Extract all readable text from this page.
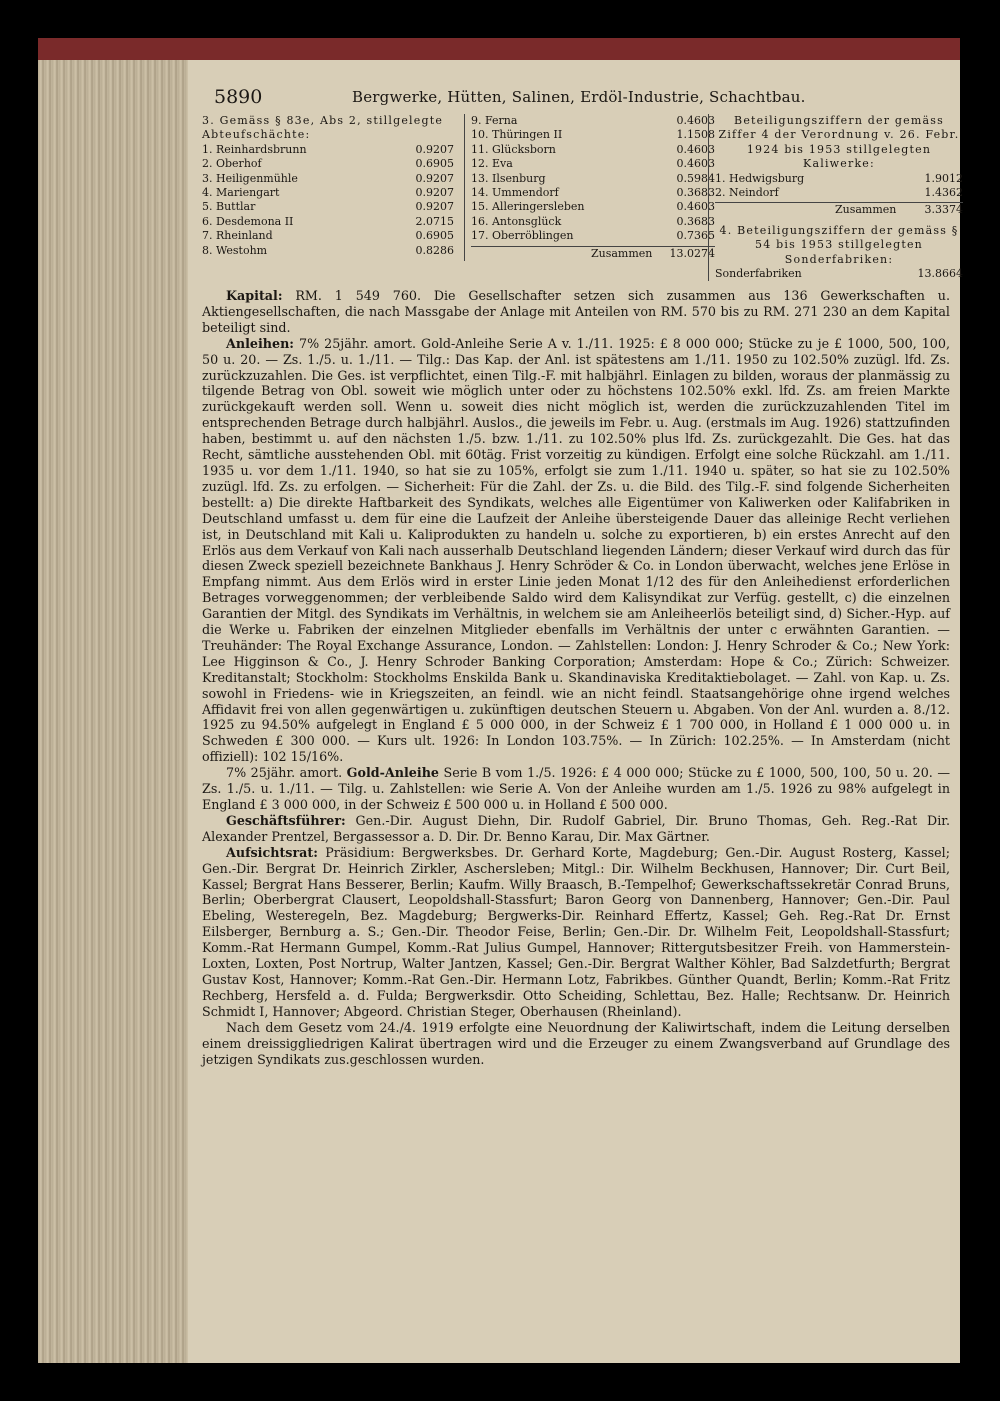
5890	Bergwerke, Hütten, Salinen, Erdöl-Industrie, Schachtbau.
3. Gemäss § 83e, Abs 2, stillgelegte Abteufschächte:
1. Reinhardsbrunn	0.9207
2. Oberhof	0.6905
3. Heiligenmühle	0.9207
4. Mariengart	0.9207
5. Buttlar	0.9207
6. Desdemona II	2.0715
7. Rheinland	0.6905
8. Westohm	0.8286
9. Ferna	0.4603
10. Thüringen II	1.1508
11. Glücksborn	0.4603
12. Eva	0.4603
13. Ilsenburg	0.5984
14. Ummendorf	0.3683
15. Alleringersleben	0.4603
16. Antonsglück	0.3683
17. Oberröblingen	0.7365
Zusammen 13.0274
Beteiligungsziffern der gemäss Ziffer 4 der Verordnung v. 26. Febr. 1924 bis 1953 stillgelegten Kaliwerke:
1. Hedwigsburg	1.9012
2. Neindorf	1.4362
Zusammen	3.3374
4. Beteiligungsziffern der gemäss § 54 bis 1953 stillgelegten Sonderfabriken:
Sonderfabriken	13.8664

Kapital: RM. 1 549 760. Die Gesellschafter setzen sich zusammen aus 136 Gewerkschaften u. Aktiengesellschaften, die nach Massgabe der Anlage mit Anteilen von RM. 570 bis zu RM. 271 230 an dem Kapital beteiligt sind.

Anleihen: 7% 25jähr. amort. Gold-Anleihe Serie A v. 1./11. 1925: £ 8 000 000; Stücke zu je £ 1000, 500, 100, 50 u. 20. — Zs. 1./5. u. 1./11. — Tilg.: Das Kap. der Anl. ist spätestens am 1./11. 1950 zu 102.50% zuzügl. lfd. Zs. zurückzuzahlen. Die Ges. ist verpflichtet, einen Tilg.-F. mit halbjährl. Einlagen zu bilden, woraus der planmässig zu tilgende Betrag von Obl. soweit wie möglich unter oder zu höchstens 102.50% exkl. lfd. Zs. am freien Markte zurückgekauft werden soll. Wenn u. soweit dies nicht möglich ist, werden die zurückzuzahlenden Titel im entsprechenden Betrage durch halbjährl. Auslos., die jeweils im Febr. u. Aug. (erstmals im Aug. 1926) stattzufinden haben, bestimmt u. auf den nächsten 1./5. bzw. 1./11. zu 102.50% plus lfd. Zs. zurückgezahlt. Die Ges. hat das Recht, sämtliche ausstehenden Obl. mit 60täg. Frist vorzeitig zu kündigen. Erfolgt eine solche Rückzahl. am 1./11. 1935 u. vor dem 1./11. 1940, so hat sie zu 105%, erfolgt sie zum 1./11. 1940 u. später, so hat sie zu 102.50% zuzügl. lfd. Zs. zu erfolgen. — Sicherheit: Für die Zahl. der Zs. u. die Bild. des Tilg.-F. sind folgende Sicherheiten bestellt: a) Die direkte Haftbarkeit des Syndikats, welches alle Eigentümer von Kaliwerken oder Kalifabriken in Deutschland umfasst u. dem für eine die Laufzeit der Anleihe übersteigende Dauer das alleinige Recht verliehen ist, in Deutschland mit Kali u. Kaliprodukten zu handeln u. solche zu exportieren, b) ein erstes Anrecht auf den Erlös aus dem Verkauf von Kali nach ausserhalb Deutschland liegenden Ländern; dieser Verkauf wird durch das für diesen Zweck speziell bezeichnete Bankhaus J. Henry Schröder & Co. in London überwacht, welches jene Erlöse in Empfang nimmt. Aus dem Erlös wird in erster Linie jeden Monat 1/12 des für den Anleihedienst erforderlichen Betrages vorweggenommen; der verbleibende Saldo wird dem Kalisyndikat zur Verfüg. gestellt, c) die einzelnen Garantien der Mitgl. des Syndikats im Verhältnis, in welchem sie am Anleiheerlös beteiligt sind, d) Sicher.-Hyp. auf die Werke u. Fabriken der einzelnen Mitglieder ebenfalls im Verhältnis der unter c erwähnten Garantien. — Treuhänder: The Royal Exchange Assurance, London. — Zahlstellen: London: J. Henry Schroder & Co.; New York: Lee Higginson & Co., J. Henry Schroder Banking Corporation; Amsterdam: Hope & Co.; Zürich: Schweizer. Kreditanstalt; Stockholm: Stockholms Enskilda Bank u. Skandinaviska Kreditaktiebolaget. — Zahl. von Kap. u. Zs. sowohl in Friedens- wie in Kriegszeiten, an feindl. wie an nicht feindl. Staatsangehörige ohne irgend welches Affidavit frei von allen gegenwärtigen u. zukünftigen deutschen Steuern u. Abgaben. Von der Anl. wurden a. 8./12. 1925 zu 94.50% aufgelegt in England £ 5 000 000, in der Schweiz £ 1 700 000, in Holland £ 1 000 000 u. in Schweden £ 300 000. — Kurs ult. 1926: In London 103.75%. — In Zürich: 102.25%. — In Amsterdam (nicht offiziell): 102 15/16%.

7% 25jähr. amort. Gold-Anleihe Serie B vom 1./5. 1926: £ 4 000 000; Stücke zu £ 1000, 500, 100, 50 u. 20. — Zs. 1./5. u. 1./11. — Tilg. u. Zahlstellen: wie Serie A. Von der Anleihe wurden am 1./5. 1926 zu 98% aufgelegt in England £ 3 000 000, in der Schweiz £ 500 000 u. in Holland £ 500 000.

Geschäftsführer: Gen.-Dir. August Diehn, Dir. Rudolf Gabriel, Dir. Bruno Thomas, Geh. Reg.-Rat Dir. Alexander Prentzel, Bergassessor a. D. Dir. Dr. Benno Karau, Dir. Max Gärtner.

Aufsichtsrat: Präsidium: Bergwerksbes. Dr. Gerhard Korte, Magdeburg; Gen.-Dir. August Rosterg, Kassel; Gen.-Dir. Bergrat Dr. Heinrich Zirkler, Aschersleben; Mitgl.: Dir. Wilhelm Beckhusen, Hannover; Dir. Curt Beil, Kassel; Bergrat Hans Besserer, Berlin; Kaufm. Willy Braasch, B.-Tempelhof; Gewerkschaftssekretär Conrad Bruns, Berlin; Oberbergrat Clausert, Leopoldshall-Stassfurt; Baron Georg von Dannenberg, Hannover; Gen.-Dir. Paul Ebeling, Westeregeln, Bez. Magdeburg; Bergwerks-Dir. Reinhard Effertz, Kassel; Geh. Reg.-Rat Dr. Ernst Eilsberger, Bernburg a. S.; Gen.-Dir. Theodor Feise, Berlin; Gen.-Dir. Dr. Wilhelm Feit, Leopoldshall-Stassfurt; Komm.-Rat Hermann Gumpel, Komm.-Rat Julius Gumpel, Hannover; Rittergutsbesitzer Freih. von Hammerstein-Loxten, Loxten, Post Nortrup, Walter Jantzen, Kassel; Gen.-Dir. Bergrat Walther Köhler, Bad Salzdetfurth; Bergrat Gustav Kost, Hannover; Komm.-Rat Gen.-Dir. Hermann Lotz, Fabrikbes. Günther Quandt, Berlin; Komm.-Rat Fritz Rechberg, Hersfeld a. d. Fulda; Bergwerksdir. Otto Scheiding, Schlettau, Bez. Halle; Rechtsanw. Dr. Heinrich Schmidt I, Hannover; Abgeord. Christian Steger, Oberhausen (Rheinland).

Nach dem Gesetz vom 24./4. 1919 erfolgte eine Neuordnung der Kaliwirtschaft, indem die Leitung derselben einem dreissiggliedrigen Kalirat übertragen wird und die Erzeuger zu einem Zwangsverband auf Grundlage des jetzigen Syndikats zus.geschlossen wurden.
